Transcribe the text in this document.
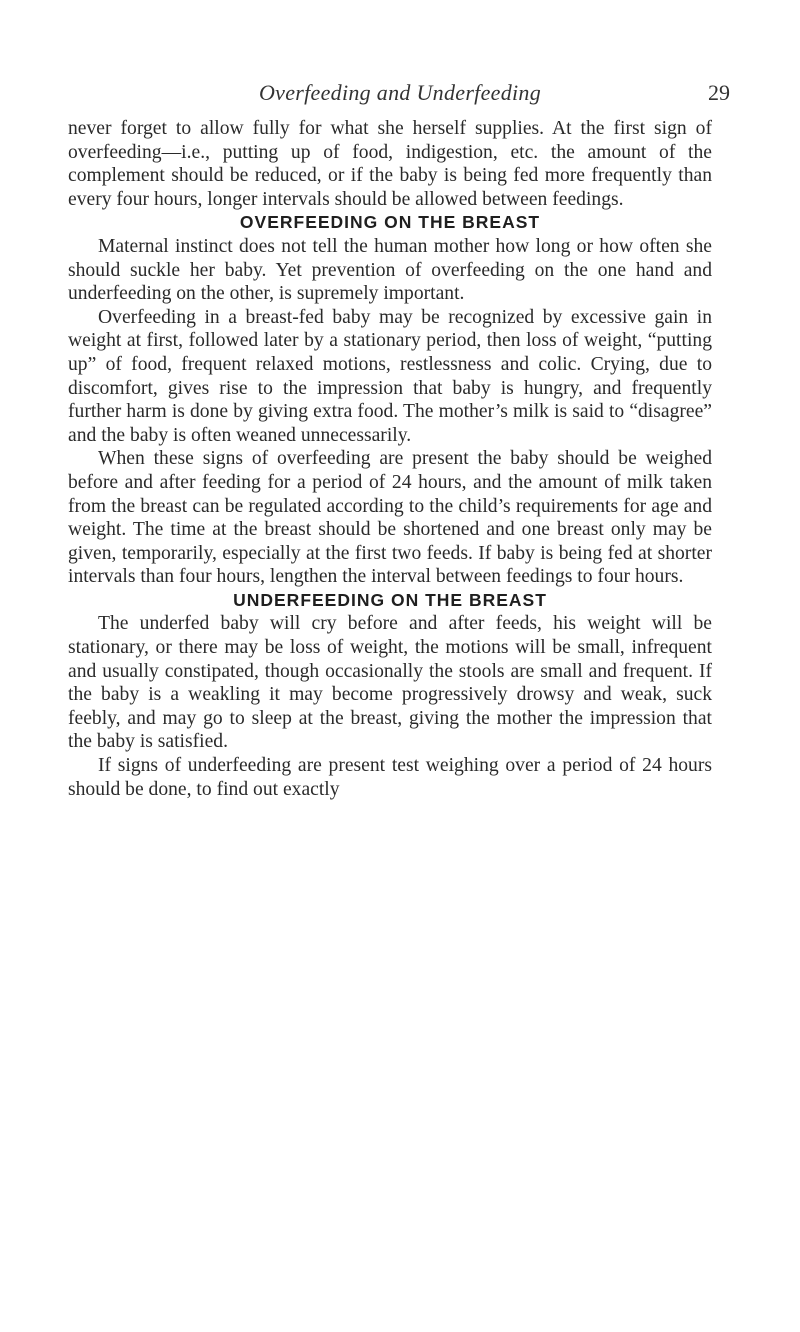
Overfeeding and Underfeeding	29

never forget to allow fully for what she herself supplies. At the first sign of overfeeding—i.e., putting up of food, indigestion, etc. the amount of the complement should be reduced, or if the baby is being fed more frequently than every four hours, longer intervals should be allowed between feedings.

OVERFEEDING ON THE BREAST

Maternal instinct does not tell the human mother how long or how often she should suckle her baby. Yet prevention of overfeeding on the one hand and underfeeding on the other, is supremely important.

Overfeeding in a breast-fed baby may be recognized by excessive gain in weight at first, followed later by a stationary period, then loss of weight, “putting up” of food, frequent relaxed motions, restlessness and colic. Crying, due to discomfort, gives rise to the impression that baby is hungry, and frequently further harm is done by giving extra food. The mother’s milk is said to “disagree” and the baby is often weaned unnecessarily.

When these signs of overfeeding are present the baby should be weighed before and after feeding for a period of 24 hours, and the amount of milk taken from the breast can be regulated according to the child’s requirements for age and weight. The time at the breast should be shortened and one breast only may be given, temporarily, especially at the first two feeds. If baby is being fed at shorter intervals than four hours, lengthen the interval between feedings to four hours.

UNDERFEEDING ON THE BREAST

The underfed baby will cry before and after feeds, his weight will be stationary, or there may be loss of weight, the motions will be small, infrequent and usually constipated, though occasionally the stools are small and frequent. If the baby is a weakling it may become progressively drowsy and weak, suck feebly, and may go to sleep at the breast, giving the mother the impression that the baby is satisfied.

If signs of underfeeding are present test weighing over a period of 24 hours should be done, to find out exactly
